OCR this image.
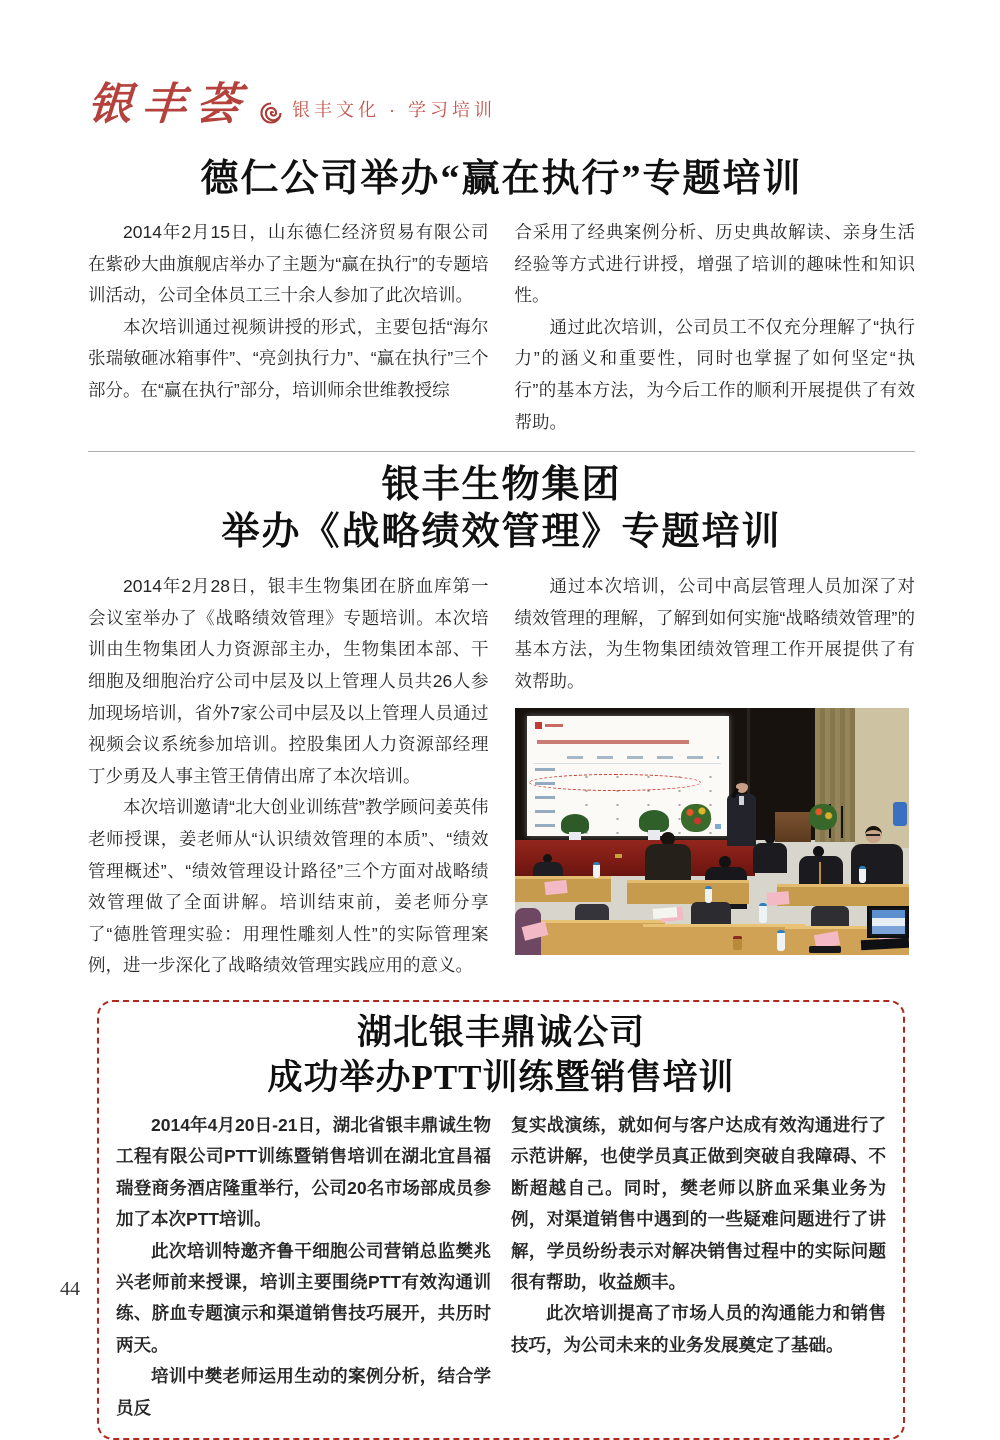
银丰荟 银丰文化 · 学习培训
德仁公司举办“赢在执行”专题培训

2014年2月15日，山东德仁经济贸易有限公司在紫砂大曲旗舰店举办了主题为“赢在执行”的专题培训活动，公司全体员工三十余人参加了此次培训。

本次培训通过视频讲授的形式，主要包括“海尔张瑞敏砸冰箱事件”、“亮剑执行力”、“赢在执行”三个部分。在“赢在执行”部分，培训师余世维教授综

合采用了经典案例分析、历史典故解读、亲身生活经验等方式进行讲授，增强了培训的趣味性和知识性。

通过此次培训，公司员工不仅充分理解了“执行力”的涵义和重要性，同时也掌握了如何坚定“执行”的基本方法，为今后工作的顺利开展提供了有效帮助。

银丰生物集团
举办《战略绩效管理》专题培训

2014年2月28日，银丰生物集团在脐血库第一会议室举办了《战略绩效管理》专题培训。本次培训由生物集团人力资源部主办，生物集团本部、干细胞及细胞治疗公司中层及以上管理人员共26人参加现场培训，省外7家公司中层及以上管理人员通过视频会议系统参加培训。控股集团人力资源部经理丁少勇及人事主管王倩倩出席了本次培训。

本次培训邀请“北大创业训练营”教学顾问姜英伟老师授课，姜老师从“认识绩效管理的本质”、“绩效管理概述”、“绩效管理设计路径”三个方面对战略绩效管理做了全面讲解。培训结束前，姜老师分享了“德胜管理实验：用理性雕刻人性”的实际管理案例，进一步深化了战略绩效管理实践应用的意义。

通过本次培训，公司中高层管理人员加深了对绩效管理的理解，了解到如何实施“战略绩效管理”的基本方法，为生物集团绩效管理工作开展提供了有效帮助。

湖北银丰鼎诚公司
成功举办PTT训练暨销售培训

2014年4月20日-21日，湖北省银丰鼎诚生物工程有限公司PTT训练暨销售培训在湖北宜昌福瑞登商务酒店隆重举行，公司20名市场部成员参加了本次PTT培训。

此次培训特邀齐鲁干细胞公司营销总监樊兆兴老师前来授课，培训主要围绕PTT有效沟通训练、脐血专题演示和渠道销售技巧展开，共历时两天。

培训中樊老师运用生动的案例分析，结合学员反

复实战演练，就如何与客户达成有效沟通进行了示范讲解，也使学员真正做到突破自我障碍、不断超越自己。同时，樊老师以脐血采集业务为例，对渠道销售中遇到的一些疑难问题进行了讲解，学员纷纷表示对解决销售过程中的实际问题很有帮助，收益颇丰。

此次培训提高了市场人员的沟通能力和销售技巧，为公司未来的业务发展奠定了基础。

44
